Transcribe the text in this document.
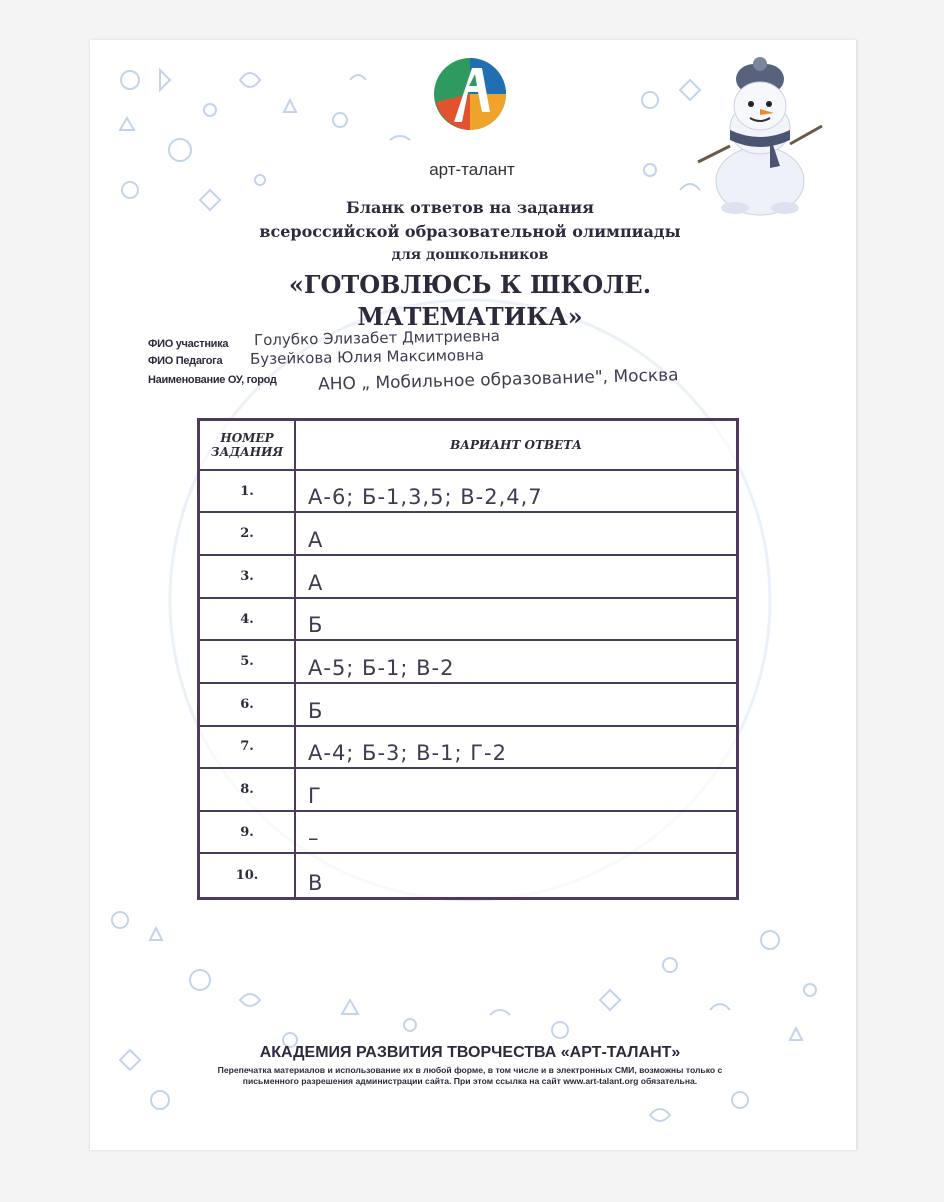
арт-талант
Бланк ответов на задания
всероссийской образовательной олимпиады
для дошкольников
«ГОТОВЛЮСЬ К ШКОЛЕ.
МАТЕМАТИКА»
ФИО участника Голубко Элизабет Дмитриевна
ФИО Педагога Бузейкова Юлия Максимовна
Наименование ОУ, город АНО „ Мобильное образование", Москва
НОМЕР ЗАДАНИЯ	ВАРИАНТ ОТВЕТА
1.	А-6; Б-1,3,5; В-2,4,7
2.	А
3.	А
4.	Б
5.	А-5; Б-1; В-2
6.	Б
7.	А-4; Б-3; В-1; Г-2
8.	Г
9.	–
10.	В
АКАДЕМИЯ РАЗВИТИЯ ТВОРЧЕСТВА «АРТ-ТАЛАНТ»
Перепечатка материалов и использование их в любой форме, в том числе и в электронных СМИ, возможны только с
письменного разрешения администрации сайта. При этом ссылка на сайт www.art-talant.org обязательна.
